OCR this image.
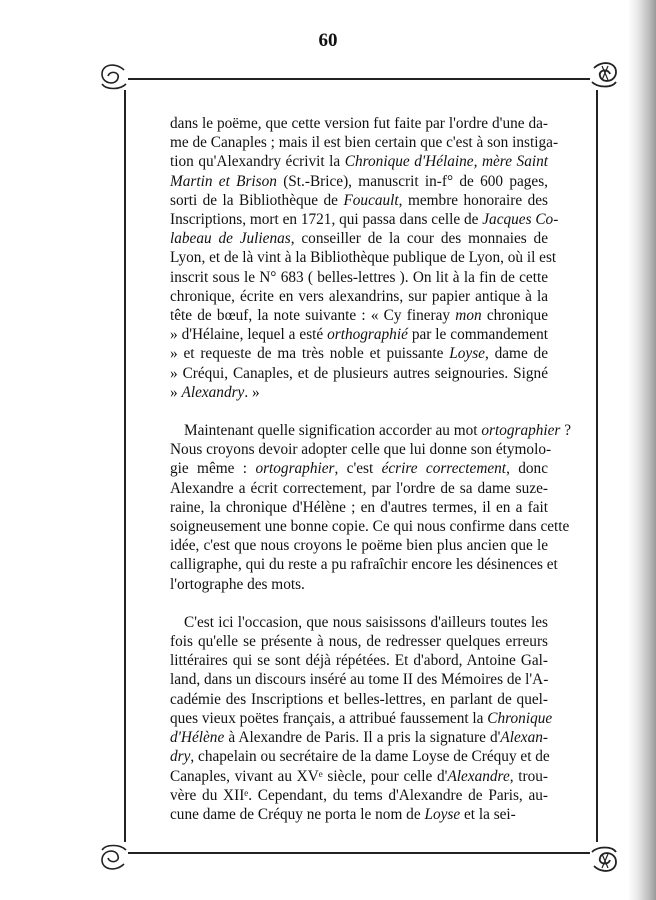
60
dans le poëme, que cette version fut faite par l'ordre d'une da-
me de Canaples ; mais il est bien certain que c'est à son instiga-
tion qu'Alexandry écrivit la Chronique d'Hélaine, mère Saint
Martin et Brison (St.-Brice), manuscrit in-f° de 600 pages,
sorti de la Bibliothèque de Foucault, membre honoraire des
Inscriptions, mort en 1721, qui passa dans celle de Jacques Co-
labeau de Julienas, conseiller de la cour des monnaies de
Lyon, et de là vint à la Bibliothèque publique de Lyon, où il est
inscrit sous le N° 683 ( belles-lettres ). On lit à la fin de cette
chronique, écrite en vers alexandrins, sur papier antique à la
tête de bœuf, la note suivante : « Cy fineray mon chronique
» d'Hélaine, lequel a esté orthographié par le commandement
» et requeste de ma très noble et puissante Loyse, dame de
» Créqui, Canaples, et de plusieurs autres seignouries. Signé
» Alexandry. »
Maintenant quelle signification accorder au mot ortographier ?
Nous croyons devoir adopter celle que lui donne son étymolo-
gie même : ortographier, c'est écrire correctement, donc
Alexandre a écrit correctement, par l'ordre de sa dame suze-
raine, la chronique d'Hélène ; en d'autres termes, il en a fait
soigneusement une bonne copie. Ce qui nous confirme dans cette
idée, c'est que nous croyons le poëme bien plus ancien que le
calligraphe, qui du reste a pu rafraîchir encore les désinences et
l'ortographe des mots.
C'est ici l'occasion, que nous saisissons d'ailleurs toutes les
fois qu'elle se présente à nous, de redresser quelques erreurs
littéraires qui se sont déjà répétées. Et d'abord, Antoine Gal-
land, dans un discours inséré au tome II des Mémoires de l'A-
cadémie des Inscriptions et belles-lettres, en parlant de quel-
ques vieux poëtes français, a attribué faussement la Chronique
d'Hélène à Alexandre de Paris. Il a pris la signature d'Alexan-
dry, chapelain ou secrétaire de la dame Loyse de Créquy et de
Canaples, vivant au XVᵉ siècle, pour celle d'Alexandre, trou-
vère du XIIᵉ. Cependant, du tems d'Alexandre de Paris, au-
cune dame de Créquy ne porta le nom de Loyse et la sei-
